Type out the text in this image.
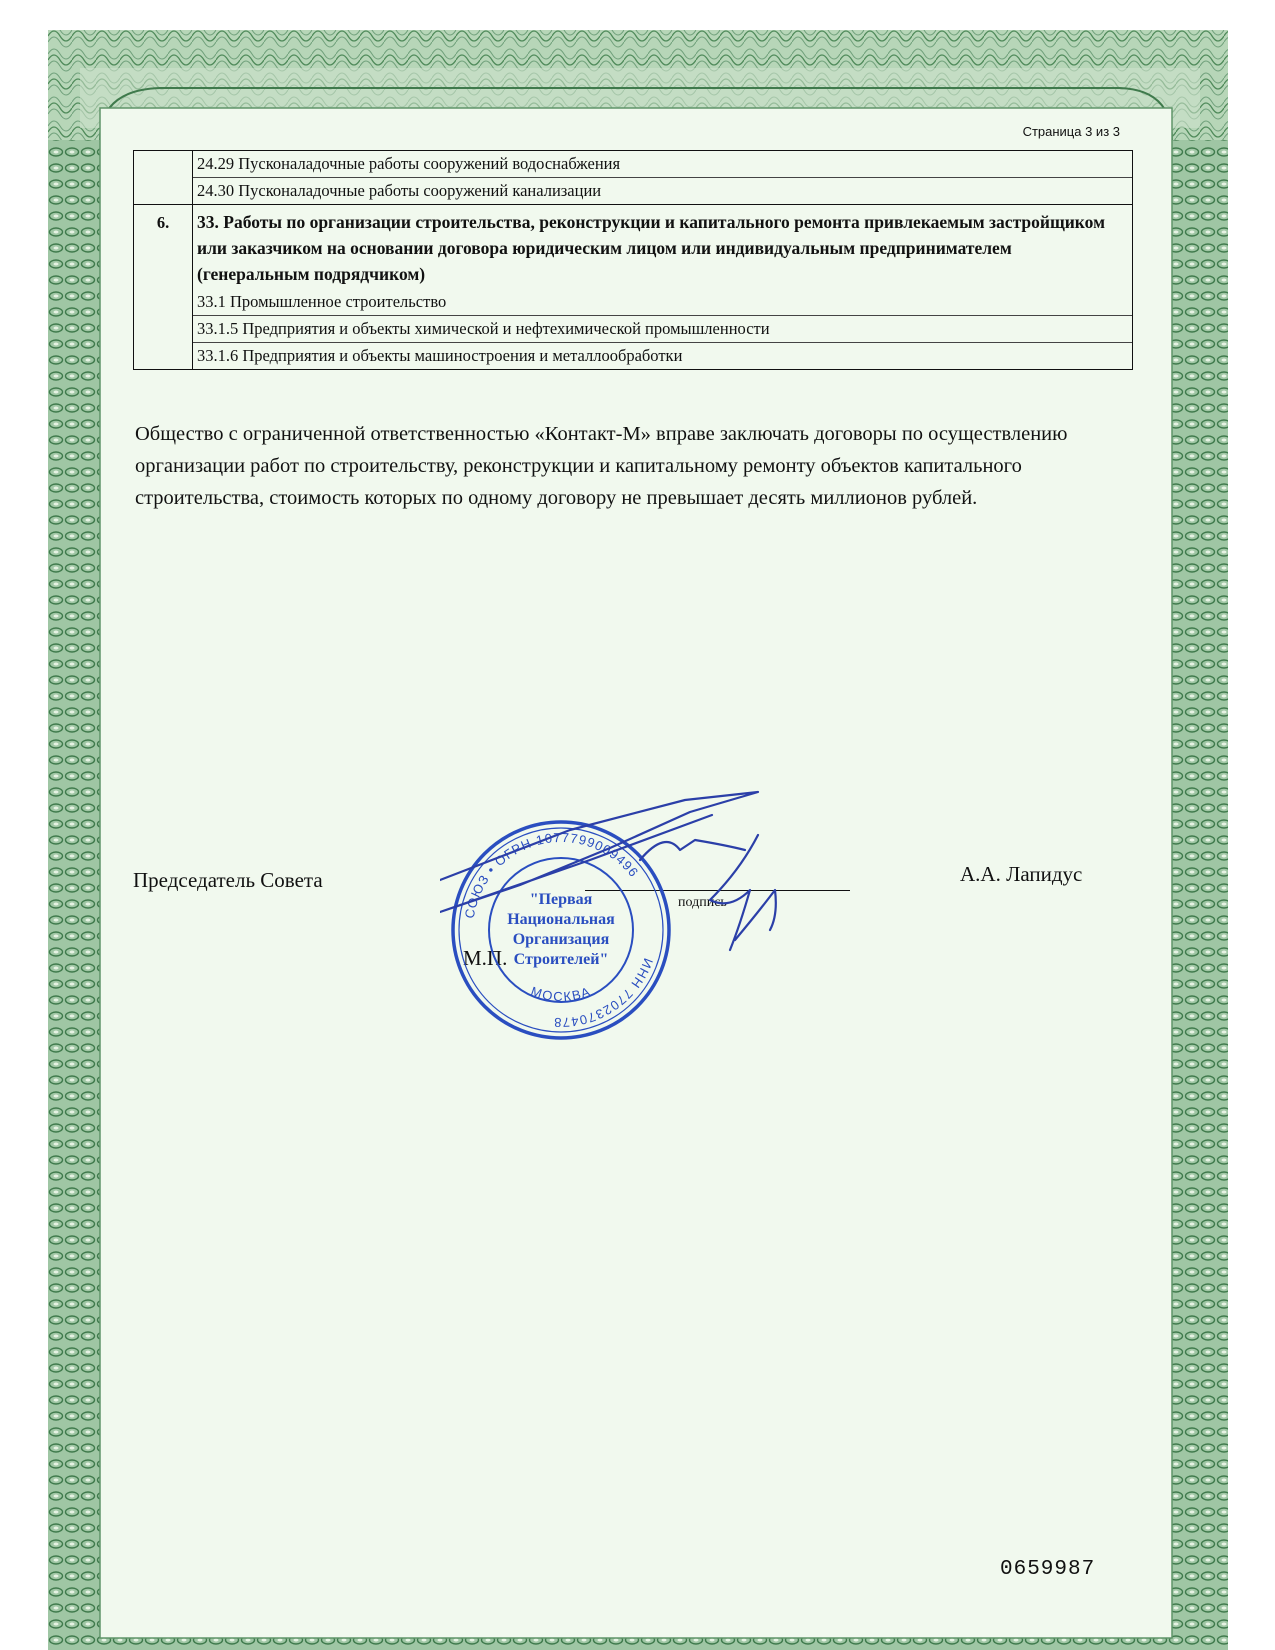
Страница 3 из 3

	24.29 Пусконаладочные работы сооружений водоснабжения
24.30 Пусконаладочные работы сооружений канализации

6.	33. Работы по организации строительства, реконструкции и капитального ремонта привлекаемым застройщиком или заказчиком на основании договора юридическим лицом или индивидуальным предпринимателем (генеральным подрядчиком)
33.1 Промышленное строительство
33.1.5 Предприятия и объекты химической и нефтехимической промышленности
33.1.6 Предприятия и объекты машиностроения и металлообработки

Общество с ограниченной ответственностью «Контакт-М» вправе заключать договоры по осуществлению организации работ по строительству, реконструкции и капитальному ремонту объектов капитального строительства, стоимость которых по одному договору не превышает десять миллионов рублей.

Председатель Совета
подпись
М.П.
А.А. Лапидус
СОЮЗ • ОГРН 1077799009496
ИНН 7702370478
МОСКВА
"Первая
Национальная
Организация
Строителей"
0659987
